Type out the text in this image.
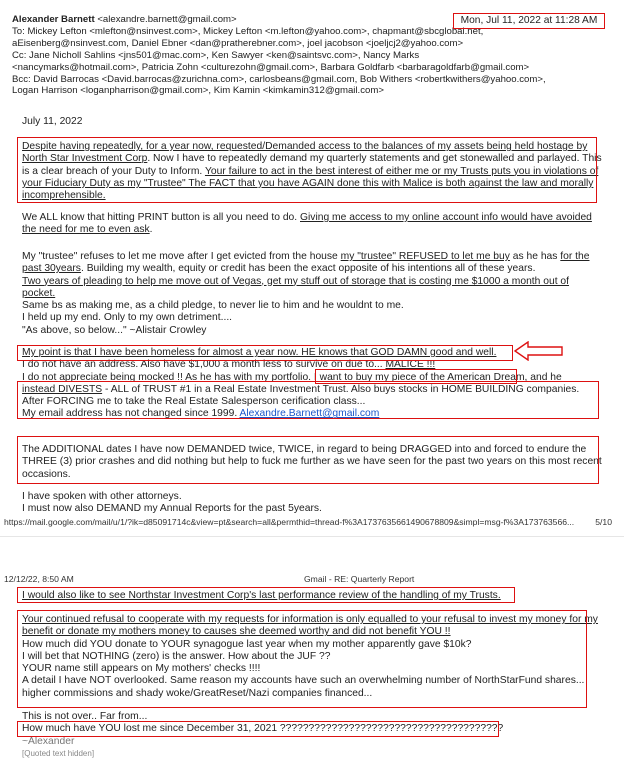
Alexander Barnett <alexandre.barnett@gmail.com>
To: Mickey Lefton <mlefton@nsinvest.com>, Mickey Lefton <m.lefton@yahoo.com>, chapmant@sbcglobal.net,
aEisenberg@nsinvest.com, Daniel Ebner <dan@pratherebner.com>, joel jacobson <joeljcj2@yahoo.com>
Cc: Jane Nicholl Sahlins <jns501@mac.com>, Ken Sawyer <ken@saintsvc.com>, Nancy Marks
<nancymarks@hotmail.com>, Patricia Zohn <culturezohn@gmail.com>, Barbara Goldfarb <barbaragoldfarb@gmail.com>
Bcc: David Barrocas <David.barrocas@zurichna.com>, carlosbeans@gmail.com, Bob Withers <robertkwithers@yahoo.com>,
Logan Harrison <loganpharrison@gmail.com>, Kim Kamin <kimkamin312@gmail.com>
Mon, Jul 11, 2022 at 11:28 AM
July 11, 2022

Despite having repeatedly, for a year now, requested/Demanded access to the balances of my assets being held hostage by North Star Investment Corp. Now I have to repeatedly demand my quarterly statements and get stonewalled and parlayed. This is a clear breach of your Duty to Inform. Your failure to act in the best interest of either me or my Trusts puts you in violations of your Fiduciary Duty as my "Trustee" The FACT that you have AGAIN done this with Malice is both against the law and morally incomprehensible.

We ALL know that hitting PRINT button is all you need to do. Giving me access to my online account info would have avoided the need for me to even ask.

My "trustee" refuses to let me move after I get evicted from the house my "trustee" REFUSED to let me buy as he has for the past 30years. Building my wealth, equity or credit has been the exact opposite of his intentions all of these years.

Two years of pleading to help me move out of Vegas, get my stuff out of storage that is costing me $1000 a month out of pocket.

Same bs as making me, as a child pledge, to never lie to him and he wouldnt to me.

I held up my end. Only to my own detriment....

"As above, so below..." ~Alistair Crowley

My point is that I have been homeless for almost a year now. HE knows that GOD DAMN good and well.

I do not have an address. Also have $1,000 a month less to survive on due to... MALICE !!!

I do not appreciate being mocked !! As he has with my portfolio. I want to buy my piece of the American Dream, and he

instead DIVESTS - ALL of TRUST #1 in a Real Estate Investment Trust. Also buys stocks in HOME BUILDING companies.

After FORCING me to take the Real Estate Salesperson cerification class...

My email address has not changed since 1999. Alexandre.Barnett@gmail.com

The ADDITIONAL dates I have now DEMANDED twice, TWICE, in regard to being DRAGGED into and forced to endure the THREE (3) prior crashes and did nothing but help to fuck me further as we have seen for the past two years on this most recent occasions.

I have spoken with other attorneys.

I must now also DEMAND my Annual Reports for the past 5years.

https://mail.google.com/mail/u/1/?ik=d85091714c&view=pt&search=all&permthid=thread-f%3A1737635661490678809&simpl=msg-f%3A173763566... 5/10
12/12/22, 8:50 AM	Gmail - RE: Quarterly Report

I would also like to see Northstar Investment Corp's last performance review of the handling of my Trusts.

Your continued refusal to cooperate with my requests for information is only equalled to your refusal to invest my money for my benefit or donate my mothers money to causes she deemed worthy and did not benefit YOU !!

How much did YOU donate to YOUR synagogue last year when my mother apparently gave $10k?

I will bet that NOTHING (zero) is the answer. How about the JUF ??

YOUR name still appears on My mothers' checks !!!!

A detail I have NOT overlooked. Same reason my accounts have such an overwhelming number of NorthStarFund shares... higher commissions and shady woke/GreatReset/Nazi companies financed...

This is not over.. Far from...

How much have YOU lost me since December 31, 2021 ???????????????????????????????????????

~Alexander

[Quoted text hidden]
